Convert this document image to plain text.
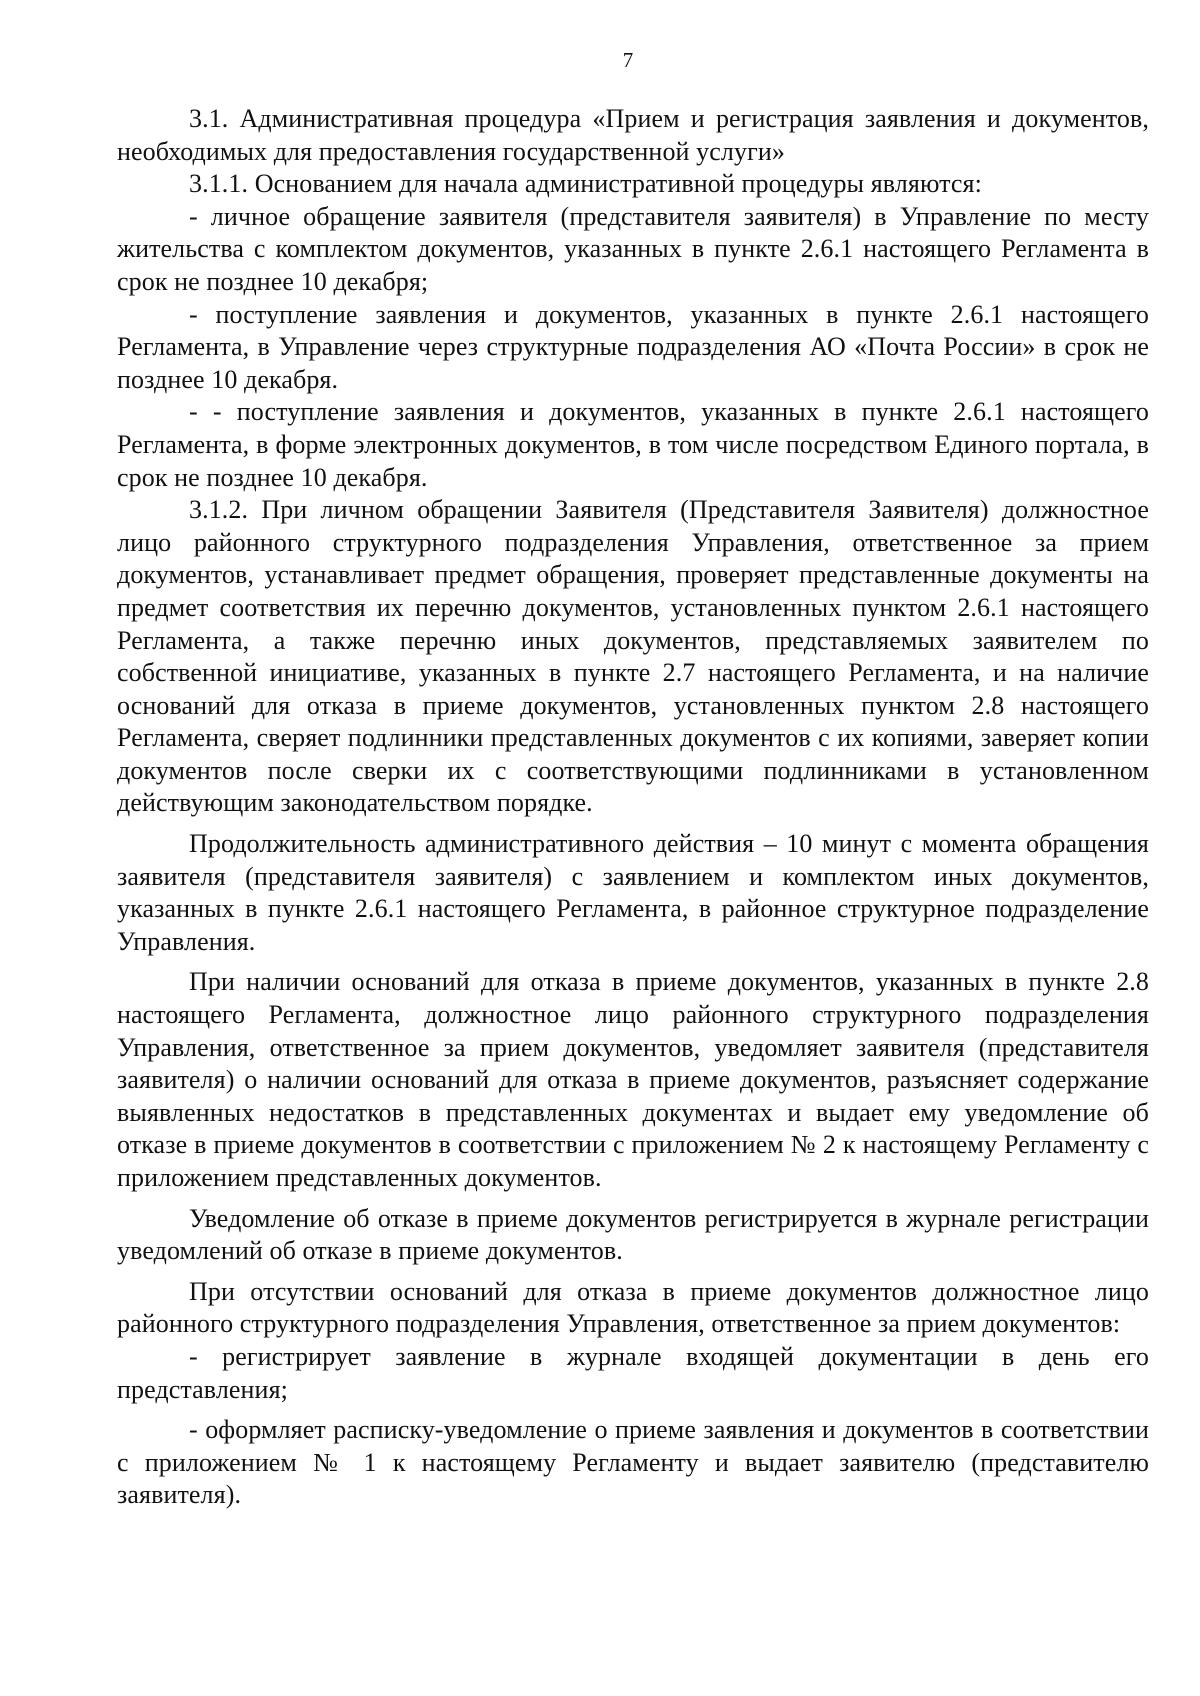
7

3.1. Административная процедура «Прием и регистрация заявления и документов, необходимых для предоставления государственной услуги»

3.1.1. Основанием для начала административной процедуры являются:

- личное обращение заявителя (представителя заявителя) в Управление по месту жительства с комплектом документов, указанных в пункте 2.6.1 настоящего Регламента в срок не позднее 10 декабря;

- поступление заявления и документов, указанных в пункте 2.6.1 настоящего Регламента, в Управление через структурные подразделения АО «Почта России» в срок не позднее 10 декабря.

- - поступление заявления и документов, указанных в пункте 2.6.1 настоящего Регламента, в форме электронных документов, в том числе посредством Единого портала, в срок не позднее 10 декабря.

3.1.2. При личном обращении Заявителя (Представителя Заявителя) должностное лицо районного структурного подразделения Управления, ответственное за прием документов, устанавливает предмет обращения, проверяет представленные документы на предмет соответствия их перечню документов, установленных пунктом 2.6.1 настоящего Регламента, а также перечню иных документов, представляемых заявителем по собственной инициативе, указанных в пункте 2.7 настоящего Регламента, и на наличие оснований для отказа в приеме документов, установленных пунктом 2.8 настоящего Регламента, сверяет подлинники представленных документов с их копиями, заверяет копии документов после сверки их с соответствующими подлинниками в установленном действующим законодательством порядке.

Продолжительность административного действия – 10 минут с момента обращения заявителя (представителя заявителя) с заявлением и комплектом иных документов, указанных в пункте 2.6.1 настоящего Регламента, в районное структурное подразделение Управления.

При наличии оснований для отказа в приеме документов, указанных в пункте 2.8 настоящего Регламента, должностное лицо районного структурного подразделения Управления, ответственное за прием документов, уведомляет заявителя (представителя заявителя) о наличии оснований для отказа в приеме документов, разъясняет содержание выявленных недостатков в представленных документах и выдает ему уведомление об отказе в приеме документов в соответствии с приложением № 2 к настоящему Регламенту с приложением представленных документов.

Уведомление об отказе в приеме документов регистрируется в журнале регистрации уведомлений об отказе в приеме документов.

При отсутствии оснований для отказа в приеме документов должностное лицо районного структурного подразделения Управления, ответственное за прием документов:

- регистрирует заявление в журнале входящей документации в день его представления;

- оформляет расписку-уведомление о приеме заявления и документов в соответствии с приложением № 1 к настоящему Регламенту и выдает заявителю (представителю заявителя).
